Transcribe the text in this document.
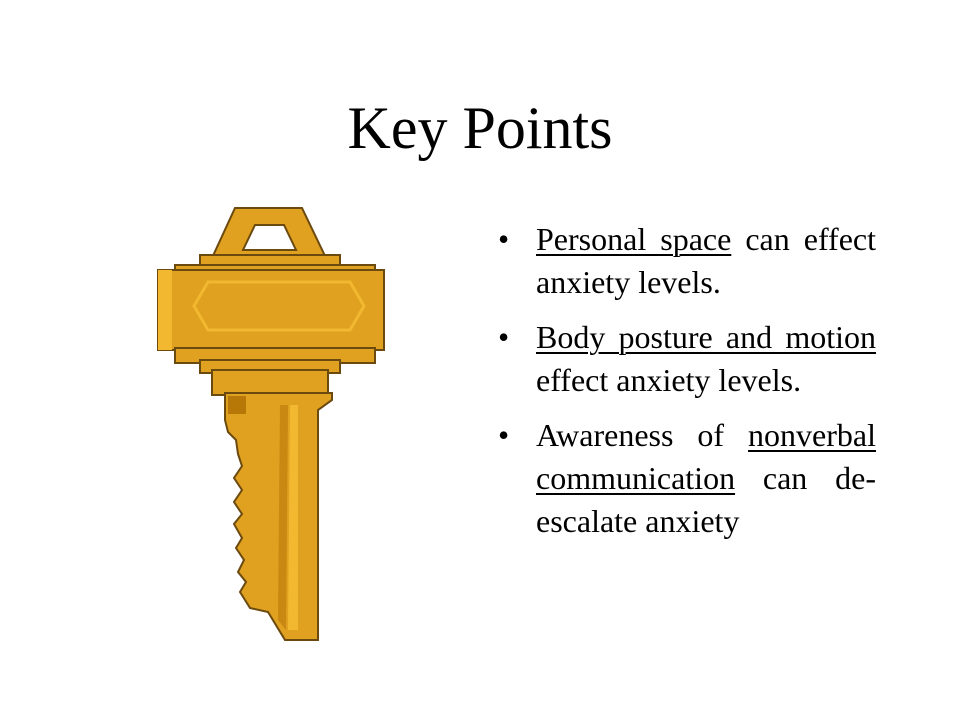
Key Points
• Personal space can effect anxiety levels.
• Body posture and motion effect anxiety levels.
• Awareness of nonverbal communication can de-escalate anxiety
